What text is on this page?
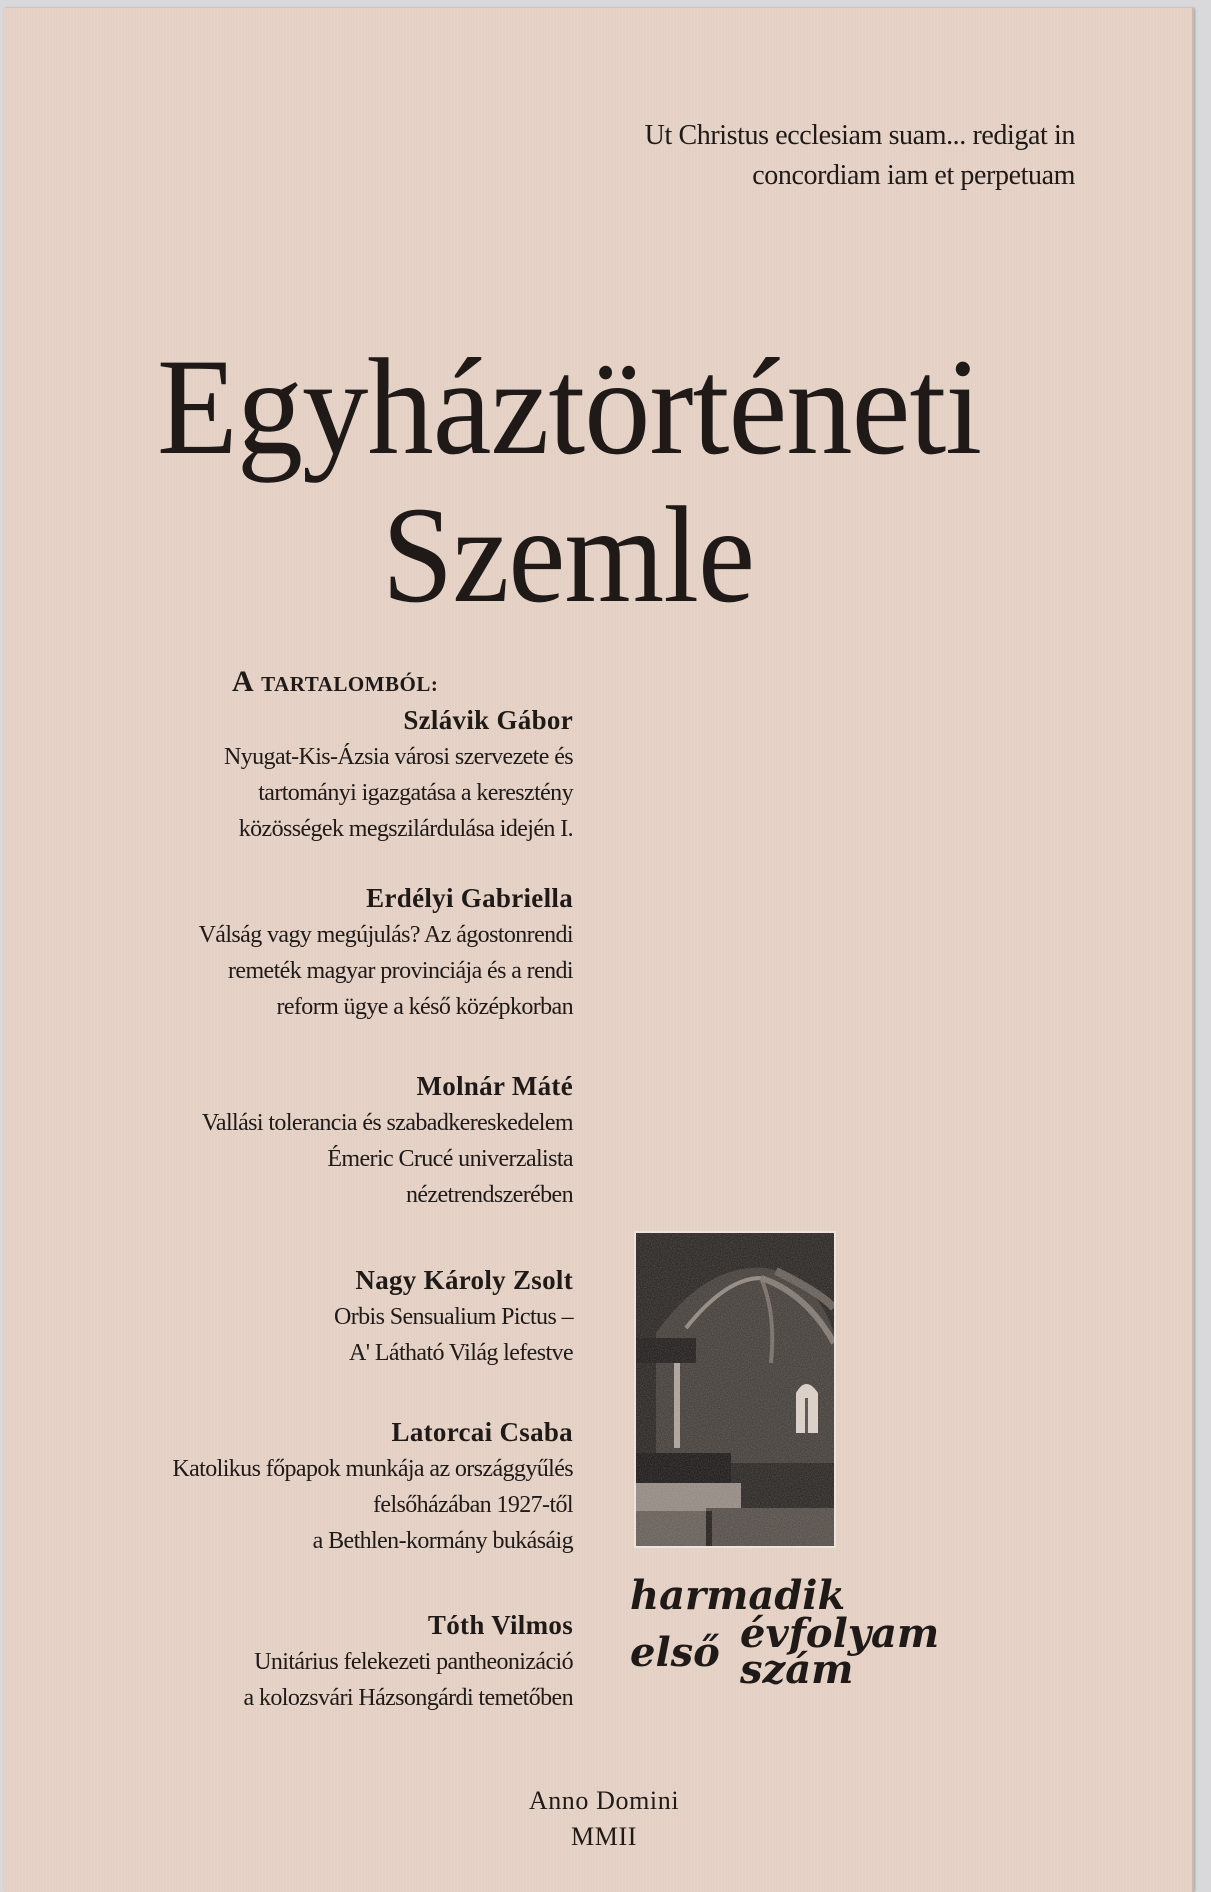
Ut Christus ecclesiam suam... redigat in
concordiam iam et perpetuam
Egyháztörténeti
Szemle
A TARTALOMBÓL:
Szlávik Gábor
Nyugat-Kis-Ázsia városi szervezete és
tartományi igazgatása a keresztény
közösségek megszilárdulása idején I.
Erdélyi Gabriella
Válság vagy megújulás? Az ágostonrendi
remeték magyar provinciája és a rendi
reform ügye a késő középkorban
Molnár Máté
Vallási tolerancia és szabadkereskedelem
Émeric Crucé univerzalista
nézetrendszerében
Nagy Károly Zsolt
Orbis Sensualium Pictus –
A' Látható Világ lefestve
Latorcai Csaba
Katolikus főpapok munkája az országgyűlés
felsőházában 1927-től
a Bethlen-kormány bukásáig
Tóth Vilmos
Unitárius felekezeti pantheonizáció
a kolozsvári Házsongárdi temetőben
harmadik
évfolyam
első szám
Anno Domini
MMII
